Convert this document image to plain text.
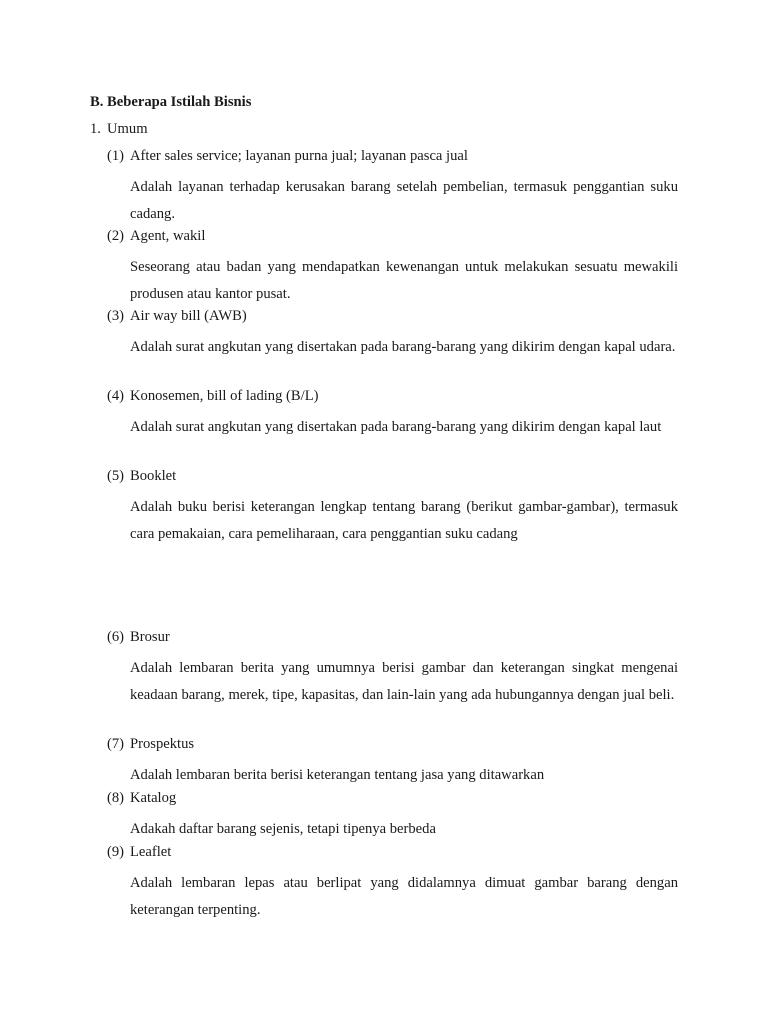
B. Beberapa Istilah Bisnis
1. Umum
(1) After sales service; layanan purna jual; layanan pasca jual

Adalah layanan terhadap kerusakan barang setelah pembelian, termasuk penggantian suku cadang.

(2) Agent, wakil

Seseorang atau badan yang mendapatkan kewenangan untuk melakukan sesuatu mewakili produsen atau kantor pusat.

(3) Air way bill (AWB)

Adalah surat angkutan yang disertakan pada barang-barang yang dikirim dengan kapal udara.

(4) Konosemen, bill of lading (B/L)

Adalah surat angkutan yang disertakan pada barang-barang yang dikirim dengan kapal laut

(5) Booklet

Adalah buku berisi keterangan lengkap tentang barang (berikut gambar-gambar), termasuk cara pemakaian, cara pemeliharaan, cara penggantian suku cadang

(6) Brosur

Adalah lembaran berita yang umumnya berisi gambar dan keterangan singkat mengenai keadaan barang, merek, tipe, kapasitas, dan lain-lain yang ada hubungannya dengan jual beli.

(7) Prospektus

Adalah lembaran berita berisi keterangan tentang jasa yang ditawarkan

(8) Katalog

Adakah daftar barang sejenis, tetapi tipenya berbeda

(9) Leaflet

Adalah lembaran lepas atau berlipat yang didalamnya dimuat gambar barang dengan keterangan terpenting.
